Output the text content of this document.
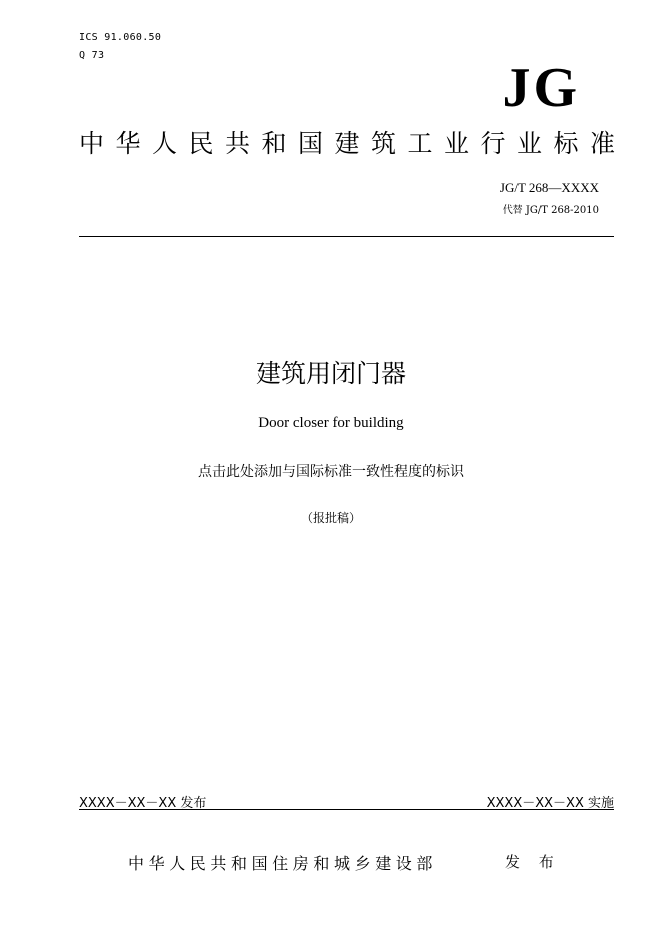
ICS 91.060.50
Q 73
JG
中华人民共和国建筑工业行业标准
JG/T 268—XXXX
代替 JG/T 268-2010
建筑用闭门器
Door closer for building
点击此处添加与国际标准一致性程度的标识
（报批稿）
XXXX－XX－XX 发布	XXXX－XX－XX 实施
中华人民共和国住房和城乡建设部	发 布
